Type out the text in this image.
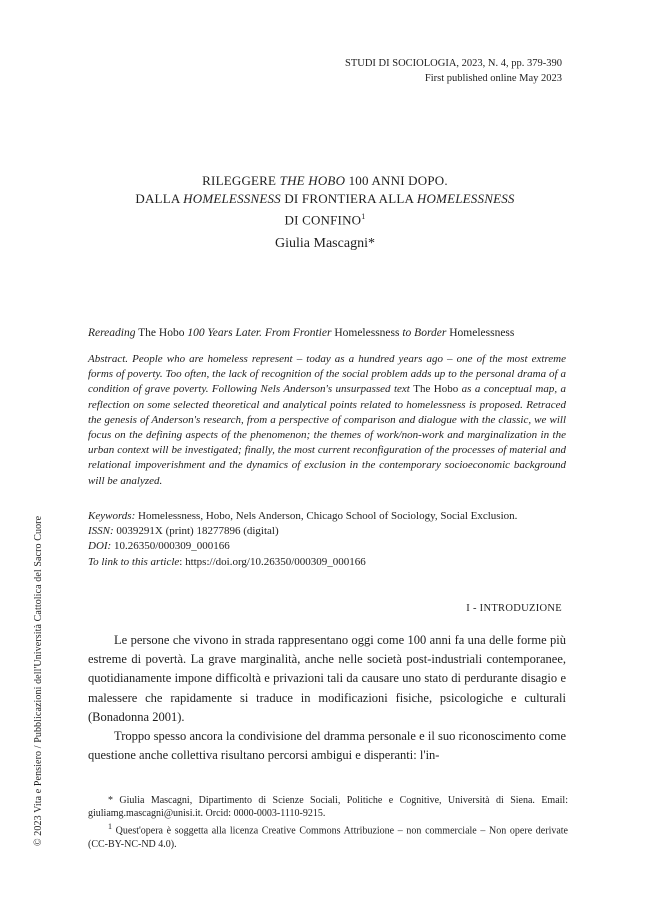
STUDI DI SOCIOLOGIA, 2023, N. 4, pp. 379-390
First published online May 2023
RILEGGERE THE HOBO 100 ANNI DOPO.
DALLA HOMELESSNESS DI FRONTIERA ALLA HOMELESSNESS
DI CONFINO$^1$
Giulia Mascagni*
Rereading The Hobo 100 Years Later. From Frontier Homelessness to Border Homelessness
Abstract. People who are homeless represent – today as a hundred years ago – one of the most extreme forms of poverty. Too often, the lack of recognition of the social problem adds up to the personal drama of a condition of grave poverty. Following Nels Anderson's unsurpassed text The Hobo as a conceptual map, a reflection on some selected theoretical and analytical points related to homelessness is proposed. Retraced the genesis of Anderson's research, from a perspective of comparison and dialogue with the classic, we will focus on the defining aspects of the phenomenon; the themes of work/non-work and marginalization in the urban context will be investigated; finally, the most current reconfiguration of the processes of material and relational impoverishment and the dynamics of exclusion in the contemporary socioeconomic background will be analyzed.
Keywords: Homelessness, Hobo, Nels Anderson, Chicago School of Sociology, Social Exclusion.
ISSN: 0039291X (print) 18277896 (digital)
DOI: 10.26350/000309_000166
To link to this article: https://doi.org/10.26350/000309_000166
I - INTRODUZIONE

Le persone che vivono in strada rappresentano oggi come 100 anni fa una delle forme più estreme di povertà. La grave marginalità, anche nelle società post-industriali contemporanee, quotidianamente impone difficoltà e privazioni tali da causare uno stato di perdurante disagio e malessere che rapidamente si traduce in modificazioni fisiche, psicologiche e culturali (Bonadonna 2001).

Troppo spesso ancora la condivisione del dramma personale e il suo riconoscimento come questione anche collettiva risultano percorsi ambigui e disperanti: l'in-

* Giulia Mascagni, Dipartimento di Scienze Sociali, Politiche e Cognitive, Università di Siena. Email: giuliamg.mascagni@unisi.it. Orcid: 0000-0003-1110-9215.

$^1$ Quest'opera è soggetta alla licenza Creative Commons Attribuzione – non commerciale – Non opere derivate (CC-BY-NC-ND 4.0).

© 2023 Vita e Pensiero / Pubblicazioni dell'Università Cattolica del Sacro Cuore
